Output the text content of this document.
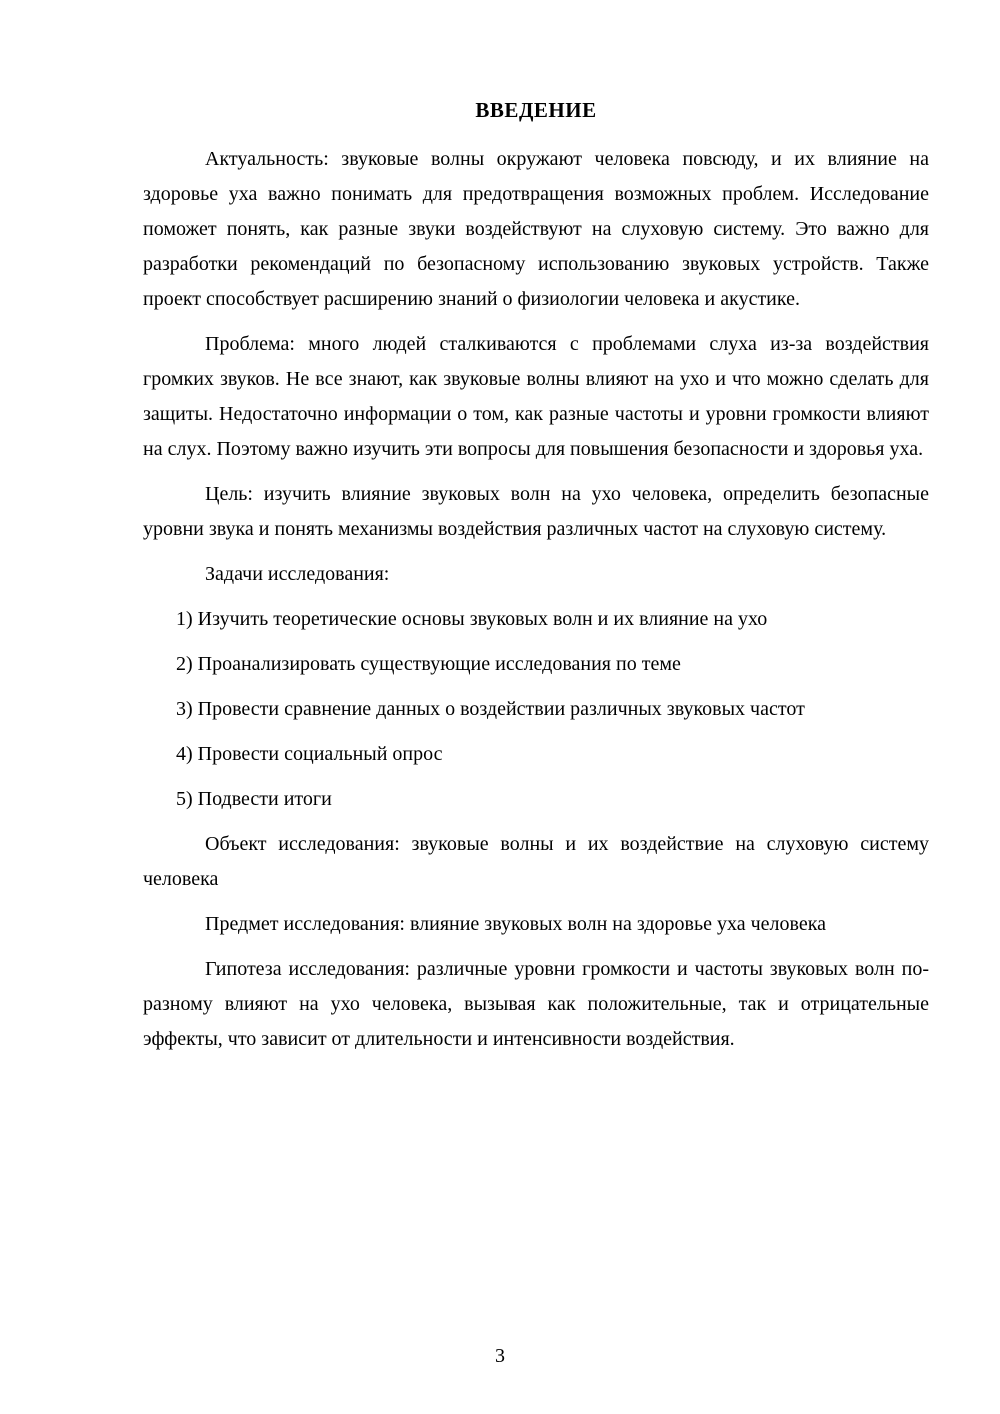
ВВЕДЕНИЕ

Актуальность: звуковые волны окружают человека повсюду, и их влияние на здоровье уха важно понимать для предотвращения возможных проблем. Исследование поможет понять, как разные звуки воздействуют на слуховую систему. Это важно для разработки рекомендаций по безопасному использованию звуковых устройств. Также проект способствует расширению знаний о физиологии человека и акустике.

Проблема: много людей сталкиваются с проблемами слуха из-за воздействия громких звуков. Не все знают, как звуковые волны влияют на ухо и что можно сделать для защиты. Недостаточно информации о том, как разные частоты и уровни громкости влияют на слух. Поэтому важно изучить эти вопросы для повышения безопасности и здоровья уха.

Цель: изучить влияние звуковых волн на ухо человека, определить безопасные уровни звука и понять механизмы воздействия различных частот на слуховую систему.

Задачи исследования:

1) Изучить теоретические основы звуковых волн и их влияние на ухо

2) Проанализировать существующие исследования по теме

3) Провести сравнение данных о воздействии различных звуковых частот

4) Провести социальный опрос

5) Подвести итоги

Объект исследования: звуковые волны и их воздействие на слуховую систему человека

Предмет исследования: влияние звуковых волн на здоровье уха человека

Гипотеза исследования: различные уровни громкости и частоты звуковых волн по-разному влияют на ухо человека, вызывая как положительные, так и отрицательные эффекты, что зависит от длительности и интенсивности воздействия.

3
